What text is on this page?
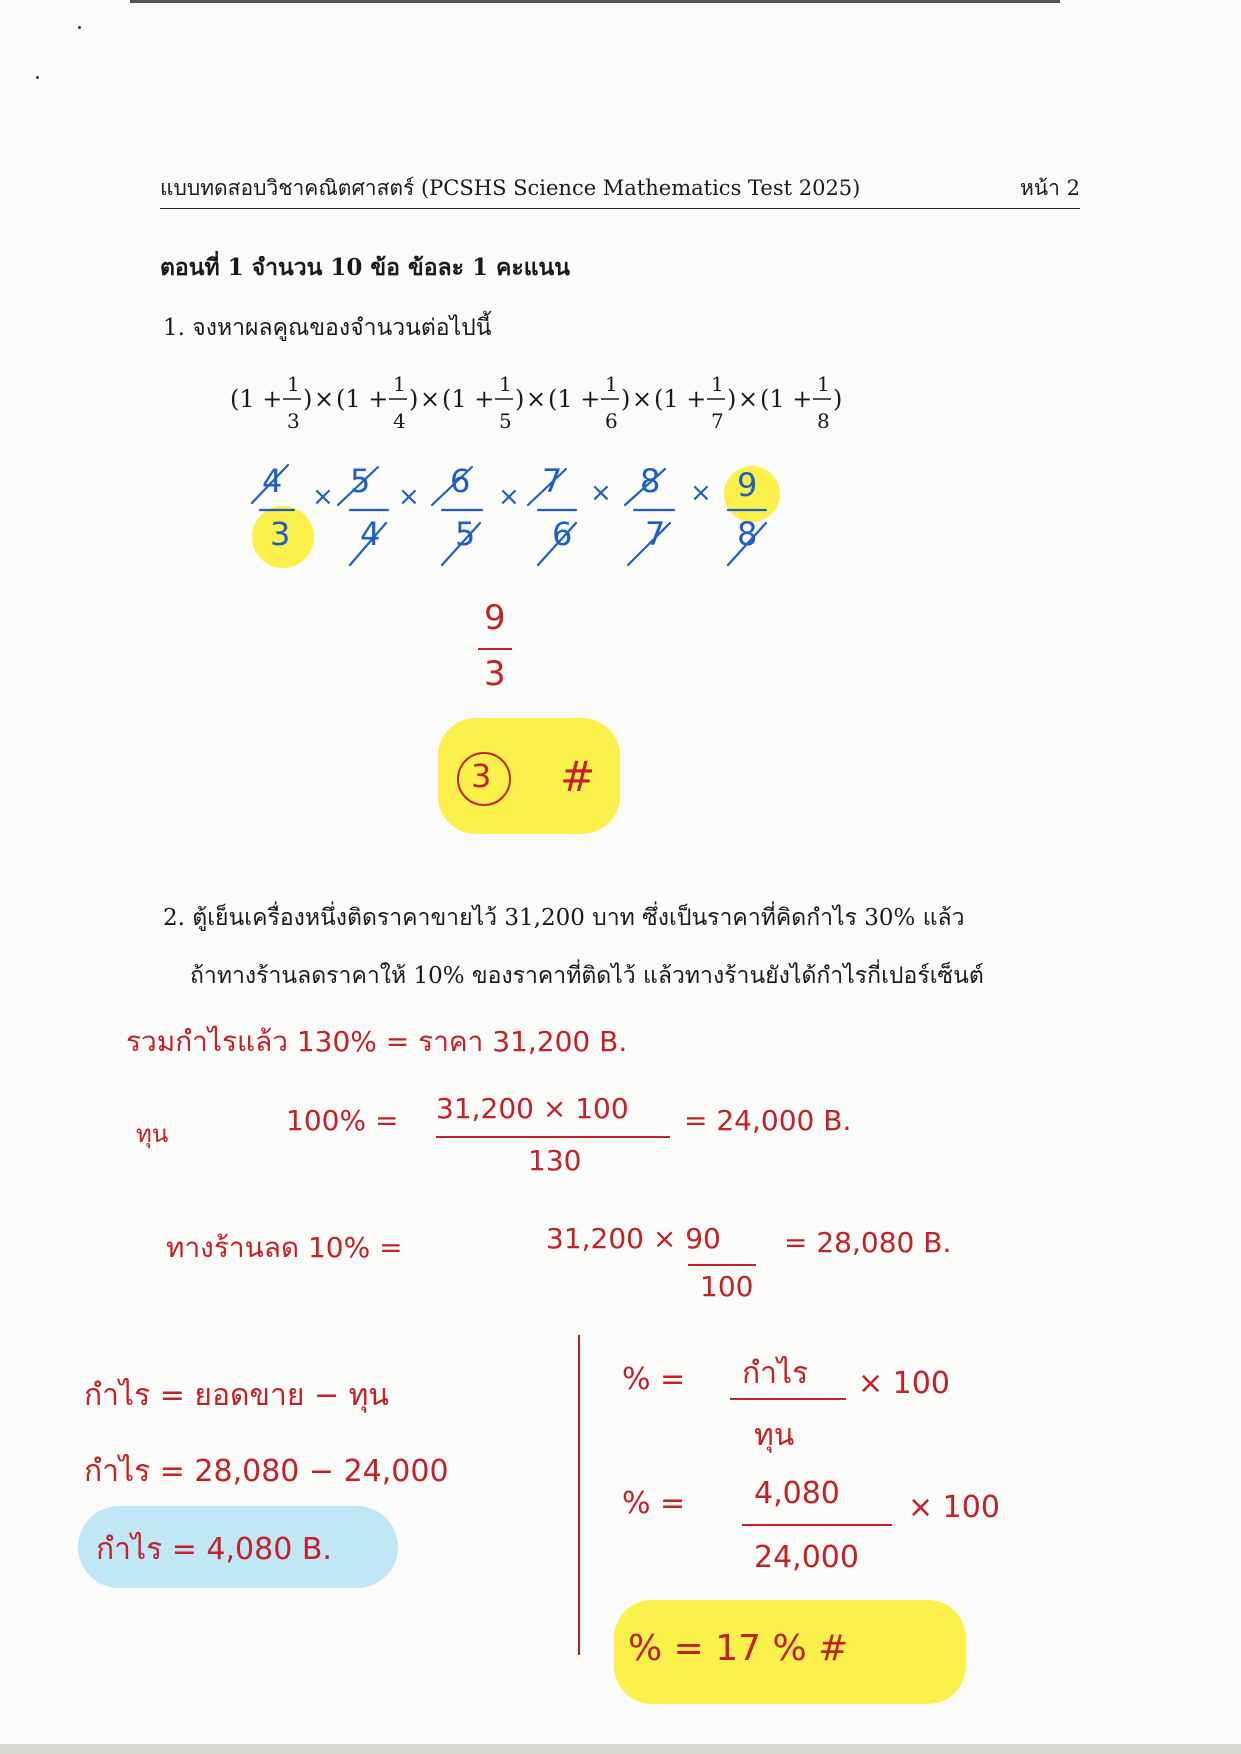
แบบทดสอบวิชาคณิตศาสตร์ (PCSHS Science Mathematics Test 2025)	หน้า 2
ตอนที่ 1 จำนวน 10 ข้อ ข้อละ 1 คะแนน
1. จงหาผลคูณของจำนวนต่อไปนี้
(1 +
1
3
) × (1 +
1
4
) × (1 +
1
5
) × (1 +
1
6
) × (1 +
1
7
) × (1 +
1
8
)
4 5 6 7 8 9
3 4 5 6 7 8
× ×	×	×	×
9
3
3 #
2. ตู้เย็นเครื่องหนึ่งติดราคาขายไว้ 31,200 บาท ซึ่งเป็นราคาที่คิดกำไร 30% แล้ว
ถ้าทางร้านลดราคาให้ 10% ของราคาที่ติดไว้ แล้วทางร้านยังได้กำไรกี่เปอร์เซ็นต์
รวมกำไรแล้ว 130% = ราคา 31,200 B.
ทุน	100% = 31,200 × 100
130
= 24,000 B.
ทางร้านลด 10% =	31,200 × 90
100
= 28,080 B.
กำไร = ยอดขาย − ทุน
กำไร = 28,080 − 24,000
กำไร = 4,080 B.
% = กำไร
ทุน
× 100
% = 4,080
24,000
× 100
% = 17 % #
